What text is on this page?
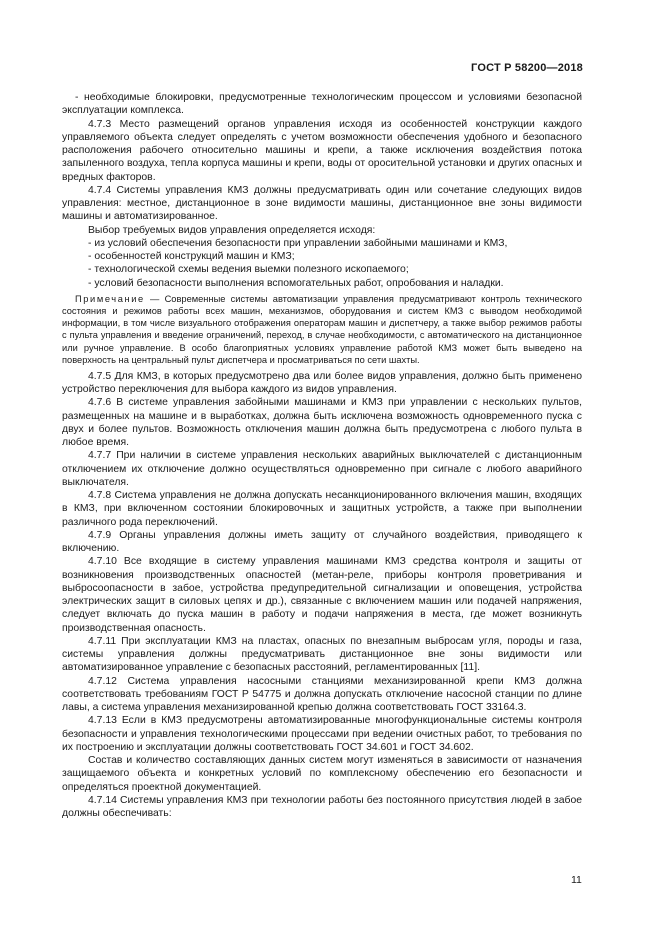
ГОСТ Р 58200—2018

- необходимые блокировки, предусмотренные технологическим процессом и условиями безопасной эксплуатации комплекса.

4.7.3 Место размещений органов управления исходя из особенностей конструкции каждого управляемого объекта следует определять с учетом возможности обеспечения удобного и безопасного расположения рабочего относительно машины и крепи, а также исключения воздействия потока запыленного воздуха, тепла корпуса машины и крепи, воды от оросительной установки и других опасных и вредных факторов.

4.7.4 Системы управления КМЗ должны предусматривать один или сочетание следующих видов управления: местное, дистанционное в зоне видимости машины, дистанционное вне зоны видимости машины и автоматизированное.

Выбор требуемых видов управления определяется исходя:

- из условий обеспечения безопасности при управлении забойными машинами и КМЗ,

- особенностей конструкций машин и КМЗ;

- технологической схемы ведения выемки полезного ископаемого;

- условий безопасности выполнения вспомогательных работ, опробования и наладки.

Примечание — Современные системы автоматизации управления предусматривают контроль технического состояния и режимов работы всех машин, механизмов, оборудования и систем КМЗ с выводом необходимой информации, в том числе визуального отображения операторам машин и диспетчеру, а также выбор режимов работы с пульта управления и введение ограничений, переход, в случае необходимости, с автоматического на дистанционное или ручное управление. В особо благоприятных условиях управление работой КМЗ может быть выведено на поверхность на центральный пульт диспетчера и просматриваться по сети шахты.

4.7.5 Для КМЗ, в которых предусмотрено два или более видов управления, должно быть применено устройство переключения для выбора каждого из видов управления.

4.7.6 В системе управления забойными машинами и КМЗ при управлении с нескольких пультов, размещенных на машине и в выработках, должна быть исключена возможность одновременного пуска с двух и более пультов. Возможность отключения машин должна быть предусмотрена с любого пульта в любое время.

4.7.7 При наличии в системе управления нескольких аварийных выключателей с дистанционным отключением их отключение должно осуществляться одновременно при сигнале с любого аварийного выключателя.

4.7.8 Система управления не должна допускать несанкционированного включения машин, входящих в КМЗ, при включенном состоянии блокировочных и защитных устройств, а также при выполнении различного рода переключений.

4.7.9 Органы управления должны иметь защиту от случайного воздействия, приводящего к включению.

4.7.10 Все входящие в систему управления машинами КМЗ средства контроля и защиты от возникновения производственных опасностей (метан-реле, приборы контроля проветривания и выбросоопасности в забое, устройства предупредительной сигнализации и оповещения, устройства электрических защит в силовых цепях и др.), связанные с включением машин или подачей напряжения, следует включать до пуска машин в работу и подачи напряжения в места, где может возникнуть производственная опасность.

4.7.11 При эксплуатации КМЗ на пластах, опасных по внезапным выбросам угля, породы и газа, системы управления должны предусматривать дистанционное вне зоны видимости или автоматизированное управление с безопасных расстояний, регламентированных [11].

4.7.12 Система управления насосными станциями механизированной крепи КМЗ должна соответствовать требованиям ГОСТ Р 54775 и должна допускать отключение насосной станции по длине лавы, а система управления механизированной крепью должна соответствовать ГОСТ 33164.3.

4.7.13 Если в КМЗ предусмотрены автоматизированные многофункциональные системы контроля безопасности и управления технологическими процессами при ведении очистных работ, то требования по их построению и эксплуатации должны соответствовать ГОСТ 34.601 и ГОСТ 34.602.

Состав и количество составляющих данных систем могут изменяться в зависимости от назначения защищаемого объекта и конкретных условий по комплексному обеспечению его безопасности и определяться проектной документацией.

4.7.14 Системы управления КМЗ при технологии работы без постоянного присутствия людей в забое должны обеспечивать:

11
